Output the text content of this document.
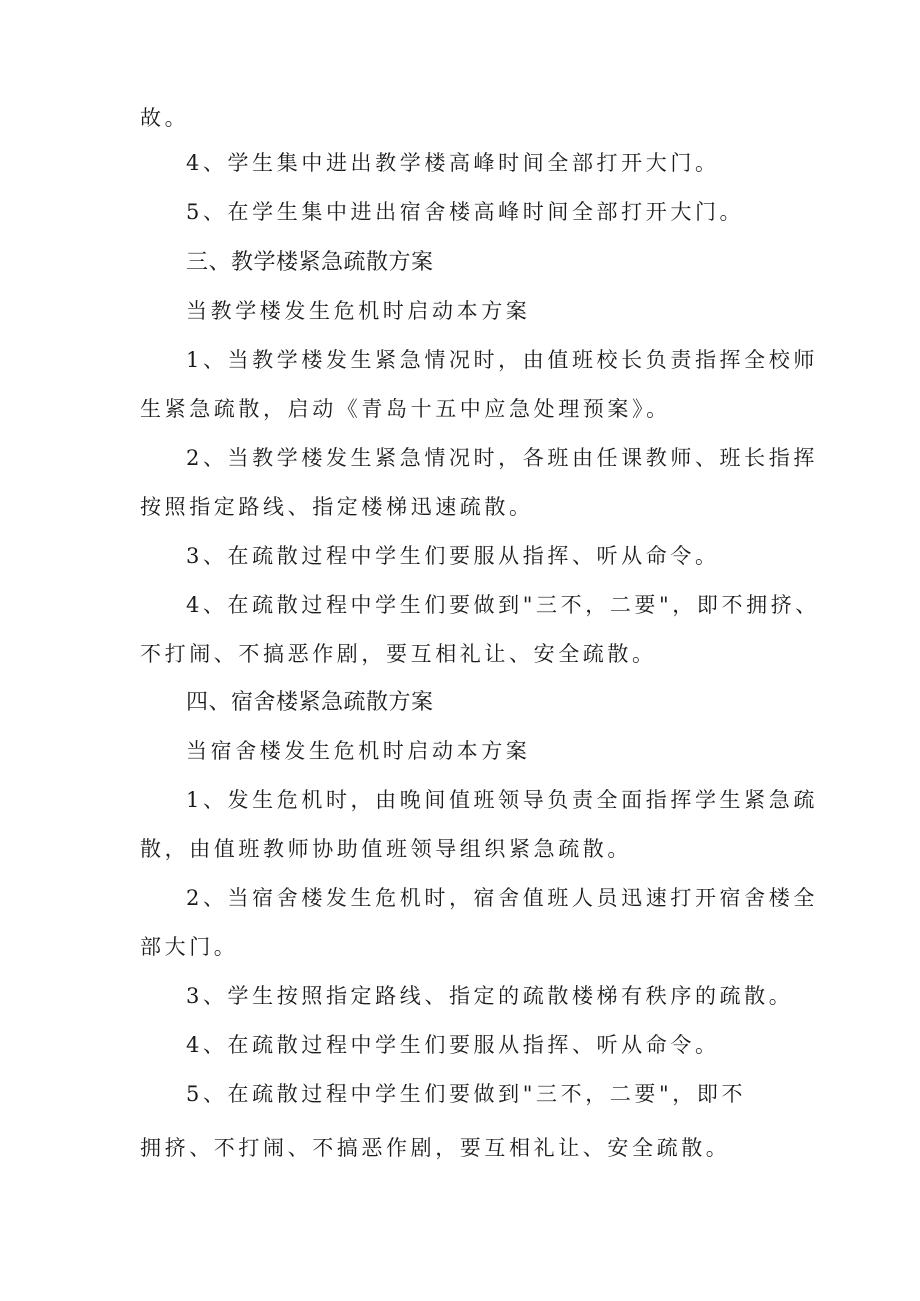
故。
4、学生集中进出教学楼高峰时间全部打开大门。
5、在学生集中进出宿舍楼高峰时间全部打开大门。
三、教学楼紧急疏散方案
当教学楼发生危机时启动本方案
1、当教学楼发生紧急情况时，由值班校长负责指挥全校师
生紧急疏散，启动《青岛十五中应急处理预案》。
2、当教学楼发生紧急情况时，各班由任课教师、班长指挥
按照指定路线、指定楼梯迅速疏散。
3、在疏散过程中学生们要服从指挥、听从命令。
4、在疏散过程中学生们要做到"三不，二要"，即不拥挤、
不打闹、不搞恶作剧，要互相礼让、安全疏散。
四、宿舍楼紧急疏散方案
当宿舍楼发生危机时启动本方案
1、发生危机时，由晚间值班领导负责全面指挥学生紧急疏
散，由值班教师协助值班领导组织紧急疏散。
2、当宿舍楼发生危机时，宿舍值班人员迅速打开宿舍楼全
部大门。
3、学生按照指定路线、指定的疏散楼梯有秩序的疏散。
4、在疏散过程中学生们要服从指挥、听从命令。
5、在疏散过程中学生们要做到"三不，二要"，即不
拥挤、不打闹、不搞恶作剧，要互相礼让、安全疏散。
